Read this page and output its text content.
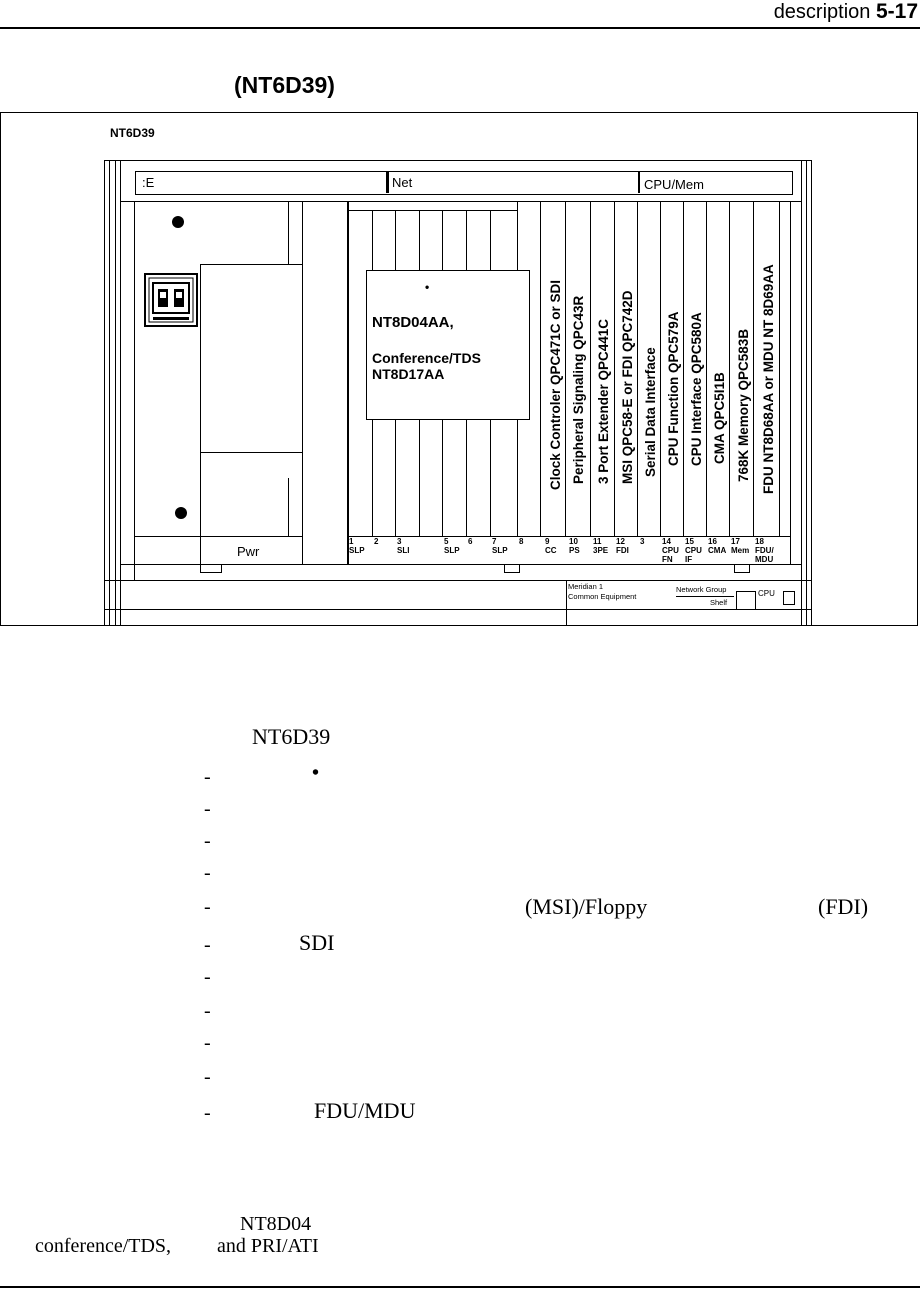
description 5-17
(NT6D39)
NT6D39
:E	Net	CPU/Mem
Pwr
Clock Controler QPC471C or SDI Peripheral Signaling QPC43R 3 Port Extender QPC441C MSI QPC58-E or FDI QPC742D Serial Data Interface CPU Function QPC579A CPU Interface QPC580A CMA QPC5I1B 768K Memory QPC583B FDU NT8D68AA or MDU NT 8D69AA
•
NT8D04AA,
Conference/TDS
NT8D17AA
1
SLP
2 3
SLI
5
SLP
6 7
SLP
8	9
CC
10
PS
11
3PE
12
FDI
3 14
CPU FN
15
CPU IF
16
CMA
17
Mem
18
FDU/ MDU
Meridian 1
Common Equipment
Network Group
Shelf
CPU
NT6D39
-	•
-
-
-
-	(MSI)/Floppy	(FDI)
-	SDI
-
-
-
-
-	FDU/MDU
NT8D04
conference/TDS, and PRI/ATI
